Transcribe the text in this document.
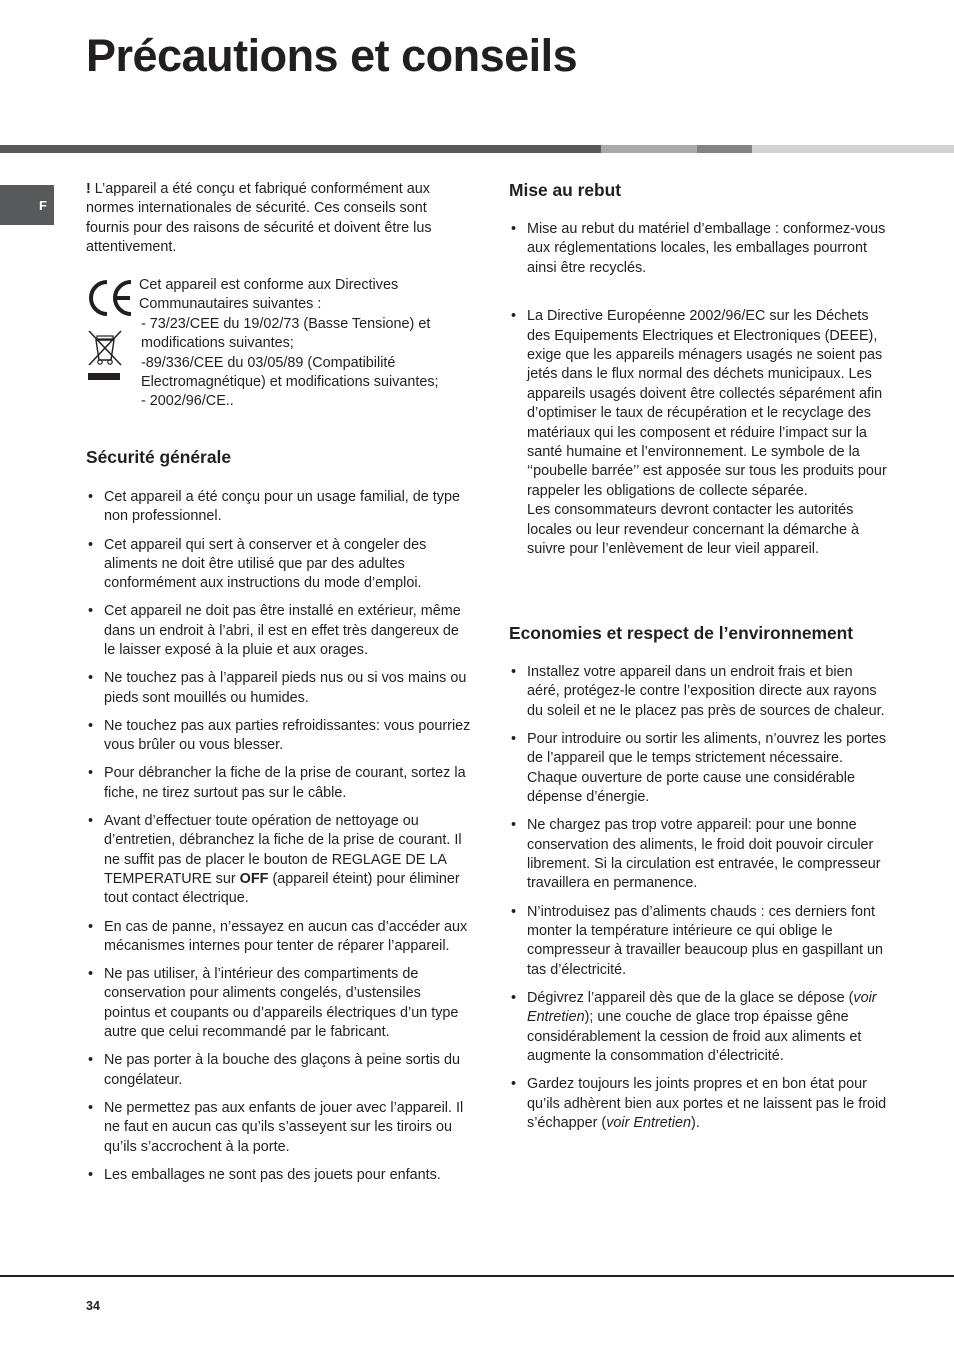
Précautions et conseils
F

! L’appareil a été conçu et fabriqué conformément aux normes internationales de sécurité. Ces conseils sont fournis pour des raisons de sécurité et doivent être lus attentivement.

Cet appareil est conforme aux Directives Communautaires suivantes :
- 73/23/CEE du 19/02/73 (Basse Tensione) et modifications suivantes;
-89/336/CEE du 03/05/89 (Compatibilité Electromagnétique) et modifications suivantes;
- 2002/96/CE..
Sécurité générale
• Cet appareil a été conçu pour un usage familial, de type non professionnel.
• Cet appareil qui sert à conserver et à congeler des aliments ne doit être utilisé que par des adultes conformément aux instructions du mode d’emploi.
• Cet appareil ne doit pas être installé en extérieur, même dans un endroit à l’abri, il est en effet très dangereux de le laisser exposé à la pluie et aux orages.
• Ne touchez pas à l’appareil pieds nus ou si vos mains ou pieds sont mouillés ou humides.
• Ne touchez pas aux parties refroidissantes: vous pourriez vous brûler ou vous blesser.
• Pour débrancher la fiche de la prise de courant, sortez la fiche, ne tirez surtout pas sur le câble.
• Avant d’effectuer toute opération de nettoyage ou d’entretien, débranchez la fiche de la prise de courant. Il ne suffit pas de placer le bouton de REGLAGE DE LA TEMPERATURE sur OFF (appareil éteint) pour éliminer tout contact électrique.
• En cas de panne, n’essayez en aucun cas d’accéder aux mécanismes internes pour tenter de réparer l’appareil.
• Ne pas utiliser, à l’intérieur des compartiments de conservation pour aliments congelés, d’ustensiles pointus et coupants ou d’appareils électriques d’un type autre que celui recommandé par le fabricant.
• Ne pas porter à la bouche des glaçons à peine sortis du congélateur.
• Ne permettez pas aux enfants de jouer avec l’appareil. Il ne faut en aucun cas qu’ils s’asseyent sur les tiroirs ou qu’ils s’accrochent à la porte.
• Les emballages ne sont pas des jouets pour enfants.
Mise au rebut
• Mise au rebut du matériel d’emballage : conformez-vous aux réglementations locales, les emballages pourront ainsi être recyclés.
• La Directive Européenne 2002/96/EC sur les Déchets des Equipements Electriques et Electroniques (DEEE), exige que les appareils ménagers usagés ne soient pas jetés dans le flux normal des déchets municipaux. Les appareils usagés doivent être collectés séparément afin d’optimiser le taux de récupération et le recyclage des matériaux qui les composent et réduire l’impact sur la santé humaine et l’environnement. Le symbole de la ‘‘poubelle barrée’’ est apposée sur tous les produits pour rappeler les obligations de collecte séparée.
Les consommateurs devront contacter les autorités locales ou leur revendeur concernant la démarche à suivre pour l’enlèvement de leur vieil appareil.
Economies et respect de l’environnement
• Installez votre appareil dans un endroit frais et bien aéré, protégez-le contre l’exposition directe aux rayons du soleil et ne le placez pas près de sources de chaleur.
• Pour introduire ou sortir les aliments, n’ouvrez les portes de l’appareil que le temps strictement nécessaire. Chaque ouverture de porte cause une considérable dépense d’énergie.
• Ne chargez pas trop votre appareil: pour une bonne conservation des aliments, le froid doit pouvoir circuler librement. Si la circulation est entravée, le compresseur travaillera en permanence.
• N’introduisez pas d’aliments chauds : ces derniers font monter la température intérieure ce qui oblige le compresseur à travailler beaucoup plus en gaspillant un tas d’électricité.
• Dégivrez l’appareil dès que de la glace se dépose (voir Entretien); une couche de glace trop épaisse gêne considérablement la cession de froid aux aliments et augmente la consommation d’électricité.
• Gardez toujours les joints propres et en bon état pour qu’ils adhèrent bien aux portes et ne laissent pas le froid s’échapper (voir Entretien).
34
